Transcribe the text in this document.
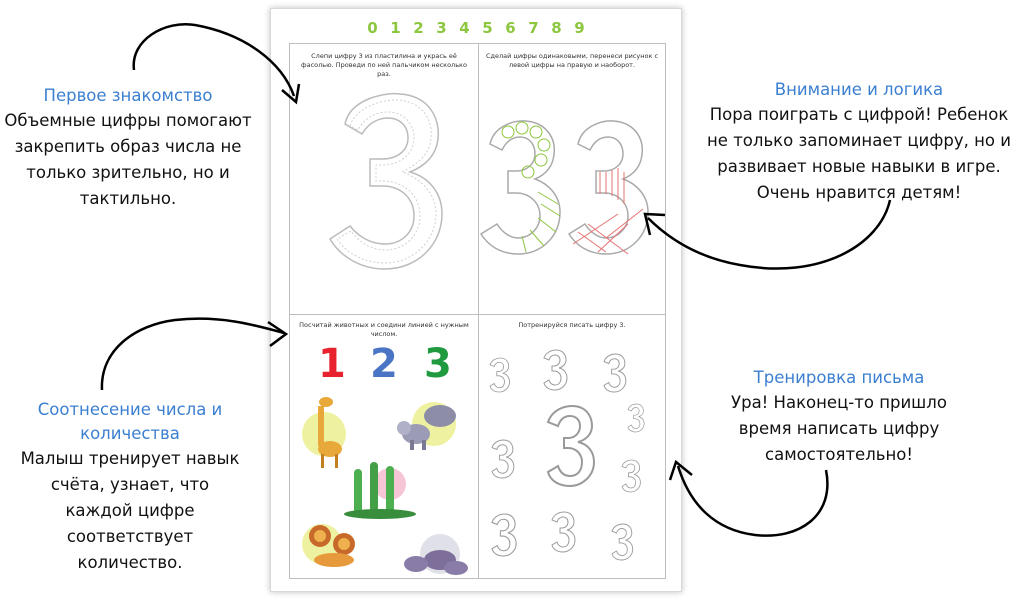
0 1 2 3 4 5 6 7 8 9
Слепи цифру 3 из пластилина и укрась её фасолью. Проведи по ней пальчиком несколько раз.
Сделай цифры одинаковыми, перенеси рисунок с левой цифры на правую и наоборот.
Посчитай животных и соедини линией с нужным числом.
1 2 3
Потренируйся писать цифру 3.
Первое знакомство
Объемные цифры помогают закрепить образ числа не только зрительно, но и тактильно.
Внимание и логика
Пора поиграть с цифрой! Ребенок не только запоминает цифру, но и развивает новые навыки в игре. Очень нравится детям!
Соотнесение числа и количества
Малыш тренирует навык счёта, узнает, что каждой цифре соответствует количество.
Тренировка письма
Ура! Наконец-то пришло время написать цифру самостоятельно!
